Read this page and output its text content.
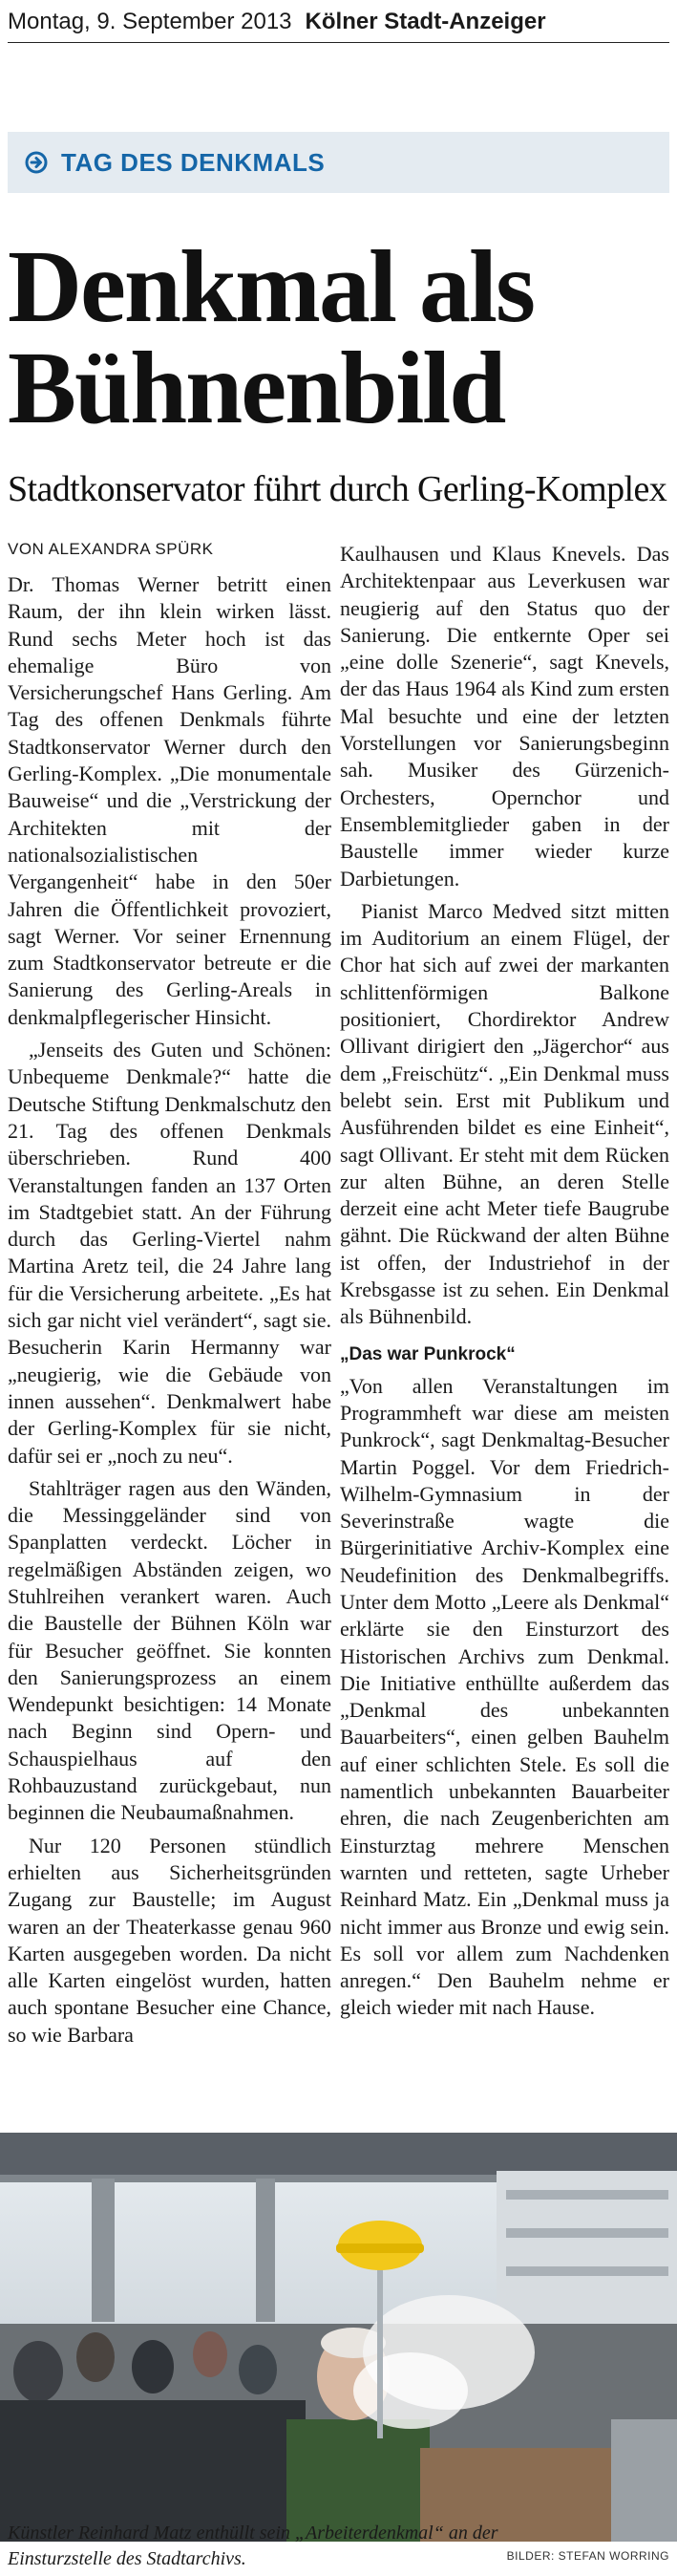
Montag, 9. September 2013 Kölner Stadt-Anzeiger
TAG DES DENKMALS
Denkmal als
Bühnenbild
Stadtkonservator führt durch Gerling-Komplex
VON ALEXANDRA SPÜRK

Dr. Thomas Werner betritt einen Raum, der ihn klein wirken lässt. Rund sechs Meter hoch ist das ehemalige Büro von Versicherungschef Hans Gerling. Am Tag des offenen Denkmals führte Stadtkonservator Werner durch den Gerling-Komplex. „Die monumentale Bauweise“ und die „Verstrickung der Architekten mit der nationalsozialistischen Vergangenheit“ habe in den 50er Jahren die Öffentlichkeit provoziert, sagt Werner. Vor seiner Ernennung zum Stadtkonservator betreute er die Sanierung des Gerling-Areals in denkmalpflegerischer Hinsicht.

„Jenseits des Guten und Schönen: Unbequeme Denkmale?“ hatte die Deutsche Stiftung Denkmalschutz den 21. Tag des offenen Denkmals überschrieben. Rund 400 Veranstaltungen fanden an 137 Orten im Stadtgebiet statt. An der Führung durch das Gerling-Viertel nahm Martina Aretz teil, die 24 Jahre lang für die Versicherung arbeitete. „Es hat sich gar nicht viel verändert“, sagt sie. Besucherin Karin Hermanny war „neugierig, wie die Gebäude von innen aussehen“. Denkmalwert habe der Gerling-Komplex für sie nicht, dafür sei er „noch zu neu“.

Stahlträger ragen aus den Wänden, die Messinggeländer sind von Spanplatten verdeckt. Löcher in regelmäßigen Abständen zeigen, wo Stuhlreihen verankert waren. Auch die Baustelle der Bühnen Köln war für Besucher geöffnet. Sie konnten den Sanierungsprozess an einem Wendepunkt besichtigen: 14 Monate nach Beginn sind Opern- und Schauspielhaus auf den Rohbauzustand zurückgebaut, nun beginnen die Neubaumaßnahmen.

Nur 120 Personen stündlich erhielten aus Sicherheitsgründen Zugang zur Baustelle; im August waren an der Theaterkasse genau 960 Karten ausgegeben worden. Da nicht alle Karten eingelöst wurden, hatten auch spontane Besucher eine Chance, so wie Barbara

Kaulhausen und Klaus Knevels. Das Architektenpaar aus Leverkusen war neugierig auf den Status quo der Sanierung. Die entkernte Oper sei „eine dolle Szenerie“, sagt Knevels, der das Haus 1964 als Kind zum ersten Mal besuchte und eine der letzten Vorstellungen vor Sanierungsbeginn sah. Musiker des Gürzenich-Orchesters, Opernchor und Ensemblemitglieder gaben in der Baustelle immer wieder kurze Darbietungen.

Pianist Marco Medved sitzt mitten im Auditorium an einem Flügel, der Chor hat sich auf zwei der markanten schlittenförmigen Balkone positioniert, Chordirektor Andrew Ollivant dirigiert den „Jägerchor“ aus dem „Freischütz“. „Ein Denkmal muss belebt sein. Erst mit Publikum und Ausführenden bildet es eine Einheit“, sagt Ollivant. Er steht mit dem Rücken zur alten Bühne, an deren Stelle derzeit eine acht Meter tiefe Baugrube gähnt. Die Rückwand der alten Bühne ist offen, der Industriehof in der Krebsgasse ist zu sehen. Ein Denkmal als Bühnenbild.

„Das war Punkrock“

„Von allen Veranstaltungen im Programmheft war diese am meisten Punkrock“, sagt Denkmaltag-Besucher Martin Poggel. Vor dem Friedrich-Wilhelm-Gymnasium in der Severinstraße wagte die Bürgerinitiative Archiv-Komplex eine Neudefinition des Denkmalbegriffs. Unter dem Motto „Leere als Denkmal“ erklärte sie den Einsturzort des Historischen Archivs zum Denkmal. Die Initiative enthüllte außerdem das „Denkmal des unbekannten Bauarbeiters“, einen gelben Bauhelm auf einer schlichten Stele. Es soll die namentlich unbekannten Bauarbeiter ehren, die nach Zeugenberichten am Einsturztag mehrere Menschen warnten und retteten, sagte Urheber Reinhard Matz. Ein „Denkmal muss ja nicht immer aus Bronze und ewig sein. Es soll vor allem zum Nachdenken anregen.“ Den Bauhelm nehme er gleich wieder mit nach Hause.

Künstler Reinhard Matz enthüllt sein „Arbeiterdenkmal“ an der Einsturzstelle des Stadtarchivs.	BILDER: STEFAN WORRING
